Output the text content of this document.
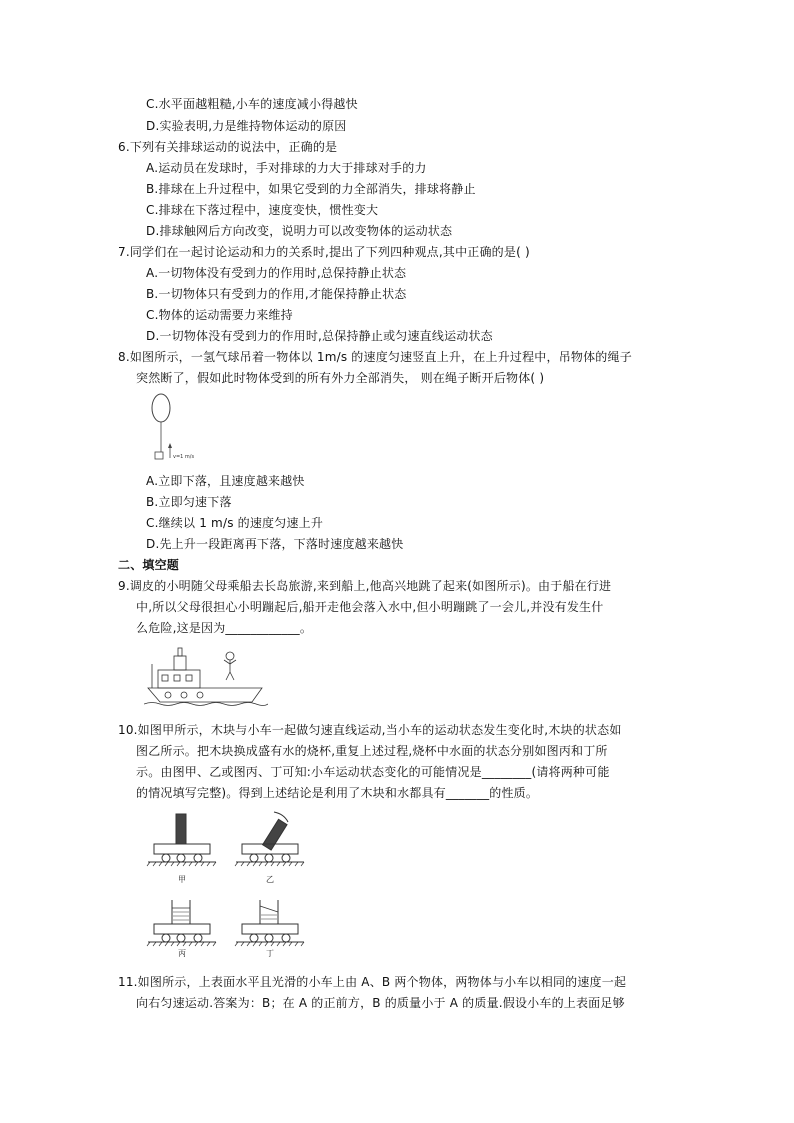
C.水平面越粗糙,小车的速度减小得越快
D.实验表明,力是维持物体运动的原因
6.下列有关排球运动的说法中，正确的是
A.运动员在发球时，手对排球的力大于排球对手的力
B.排球在上升过程中，如果它受到的力全部消失，排球将静止
C.排球在下落过程中，速度变快，惯性变大
D.排球触网后方向改变，说明力可以改变物体的运动状态
7.同学们在一起讨论运动和力的关系时,提出了下列四种观点,其中正确的是( )
A.一切物体没有受到力的作用时,总保持静止状态
B.一切物体只有受到力的作用,才能保持静止状态
C.物体的运动需要力来维持
D.一切物体没有受到力的作用时,总保持静止或匀速直线运动状态
8.如图所示，一氢气球吊着一物体以 1m/s 的速度匀速竖直上升，在上升过程中，吊物体的绳子
突然断了，假如此时物体受到的所有外力全部消失， 则在绳子断开后物体( )
v=1 m/s
A.立即下落，且速度越来越快
B.立即匀速下落
C.继续以 1 m/s 的速度匀速上升
D.先上升一段距离再下落，下落时速度越来越快
二、填空题
9.调皮的小明随父母乘船去长岛旅游,来到船上,他高兴地跳了起来(如图所示)。由于船在行进
中,所以父母很担心小明蹦起后,船开走他会落入水中,但小明蹦跳了一会儿,并没有发生什
么危险,这是因为____________。
10.如图甲所示，木块与小车一起做匀速直线运动,当小车的运动状态发生变化时,木块的状态如
图乙所示。把木块换成盛有水的烧杯,重复上述过程,烧杯中水面的状态分别如图丙和丁所
示。由图甲、乙或图丙、丁可知:小车运动状态变化的可能情况是________(请将两种可能
的情况填写完整)。得到上述结论是利用了木块和水都具有_______的性质。
甲	乙
丙	丁
11.如图所示，上表面水平且光滑的小车上由 A、B 两个物体，两物体与小车以相同的速度一起
向右匀速运动.答案为：B；在 A 的正前方，B 的质量小于 A 的质量.假设小车的上表面足够
